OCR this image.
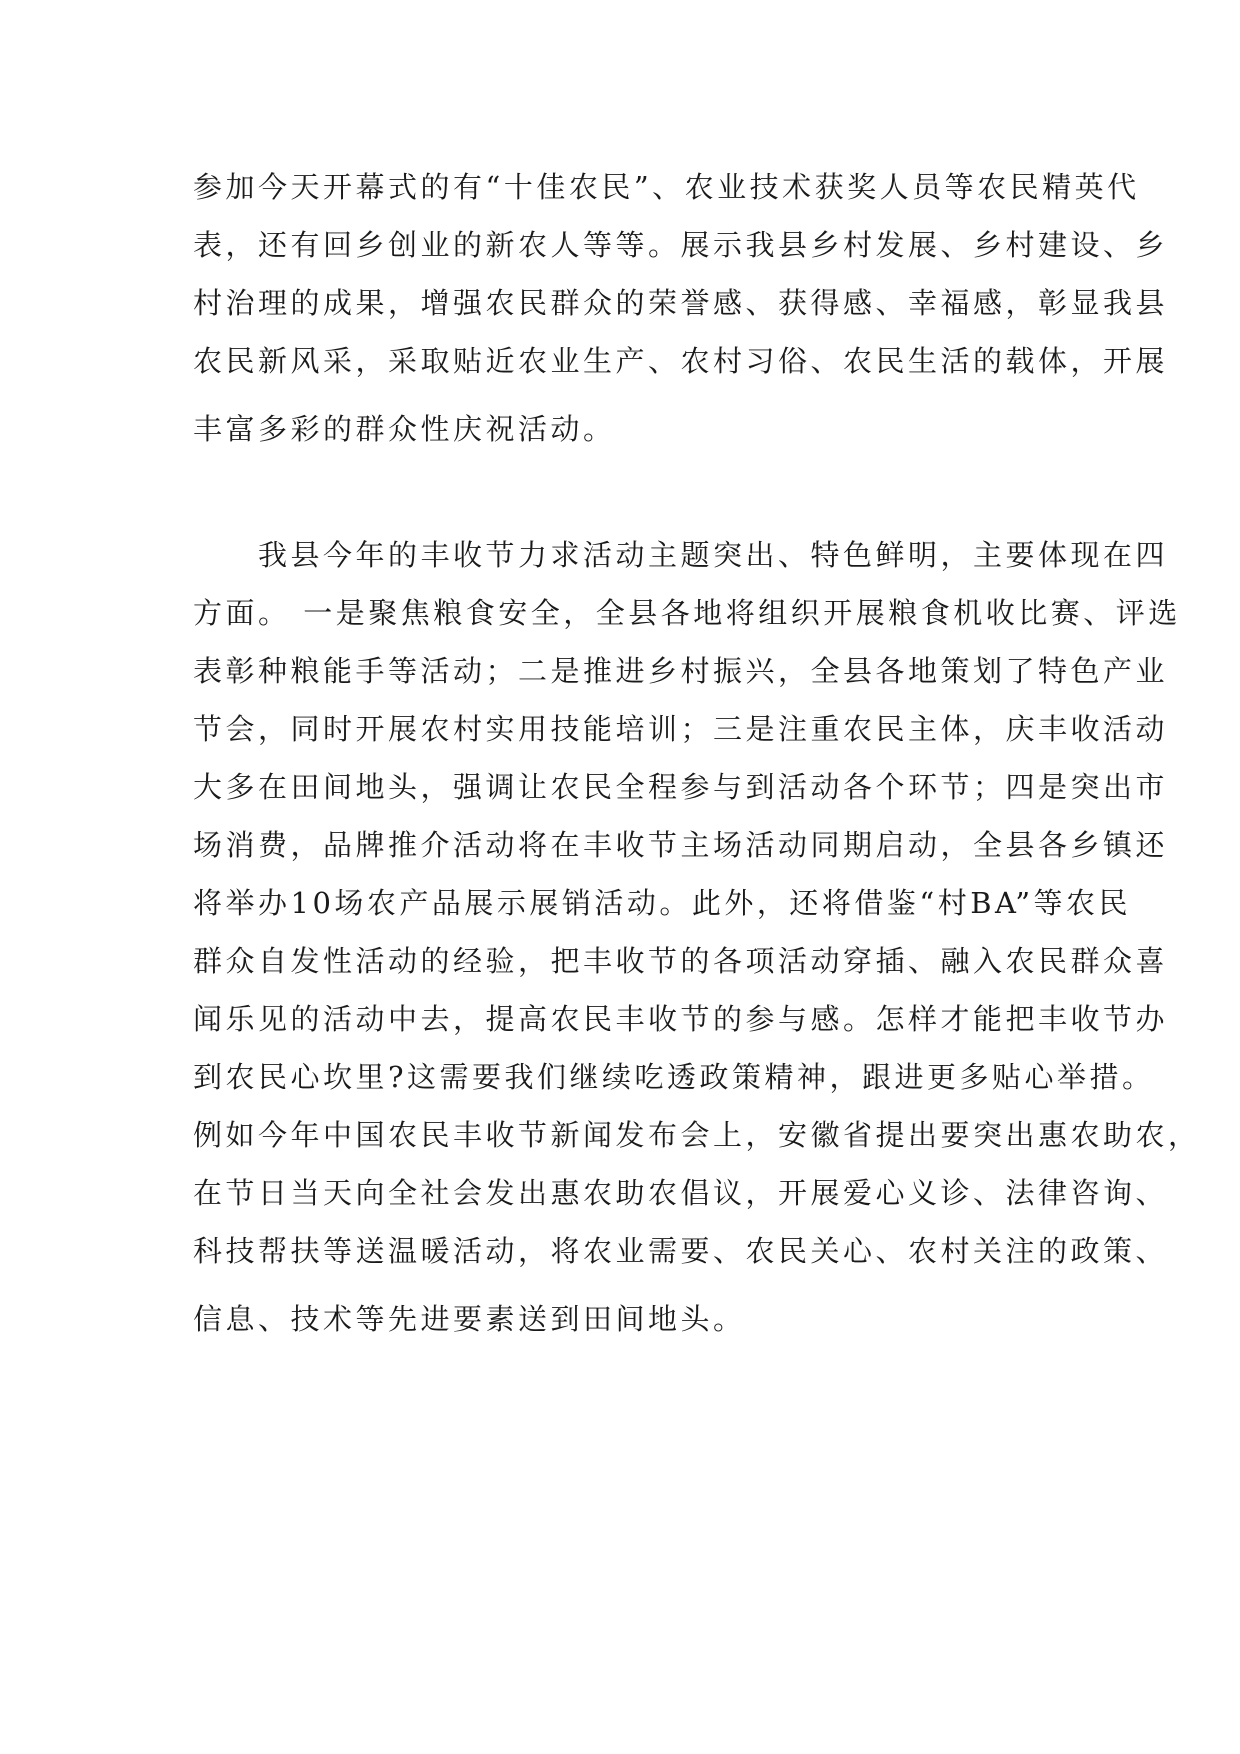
参加今天开幕式的有“十佳农民”、农业技术获奖人员等农民精英代
表，还有回乡创业的新农人等等。展示我县乡村发展、乡村建设、乡
村治理的成果，增强农民群众的荣誉感、获得感、幸福感，彰显我县
农民新风采，采取贴近农业生产、农村习俗、农民生活的载体，开展
丰富多彩的群众性庆祝活动。
　　我县今年的丰收节力求活动主题突出、特色鲜明，主要体现在四
方面。 一是聚焦粮食安全，全县各地将组织开展粮食机收比赛、评选
表彰种粮能手等活动；二是推进乡村振兴，全县各地策划了特色产业
节会，同时开展农村实用技能培训；三是注重农民主体，庆丰收活动
大多在田间地头，强调让农民全程参与到活动各个环节；四是突出市
场消费，品牌推介活动将在丰收节主场活动同期启动，全县各乡镇还
将举办10场农产品展示展销活动。此外，还将借鉴“村BA”等农民
群众自发性活动的经验，把丰收节的各项活动穿插、融入农民群众喜
闻乐见的活动中去，提高农民丰收节的参与感。怎样才能把丰收节办
到农民心坎里?这需要我们继续吃透政策精神，跟进更多贴心举措。
例如今年中国农民丰收节新闻发布会上，安徽省提出要突出惠农助农，
在节日当天向全社会发出惠农助农倡议，开展爱心义诊、法律咨询、
科技帮扶等送温暖活动，将农业需要、农民关心、农村关注的政策、
信息、技术等先进要素送到田间地头。
